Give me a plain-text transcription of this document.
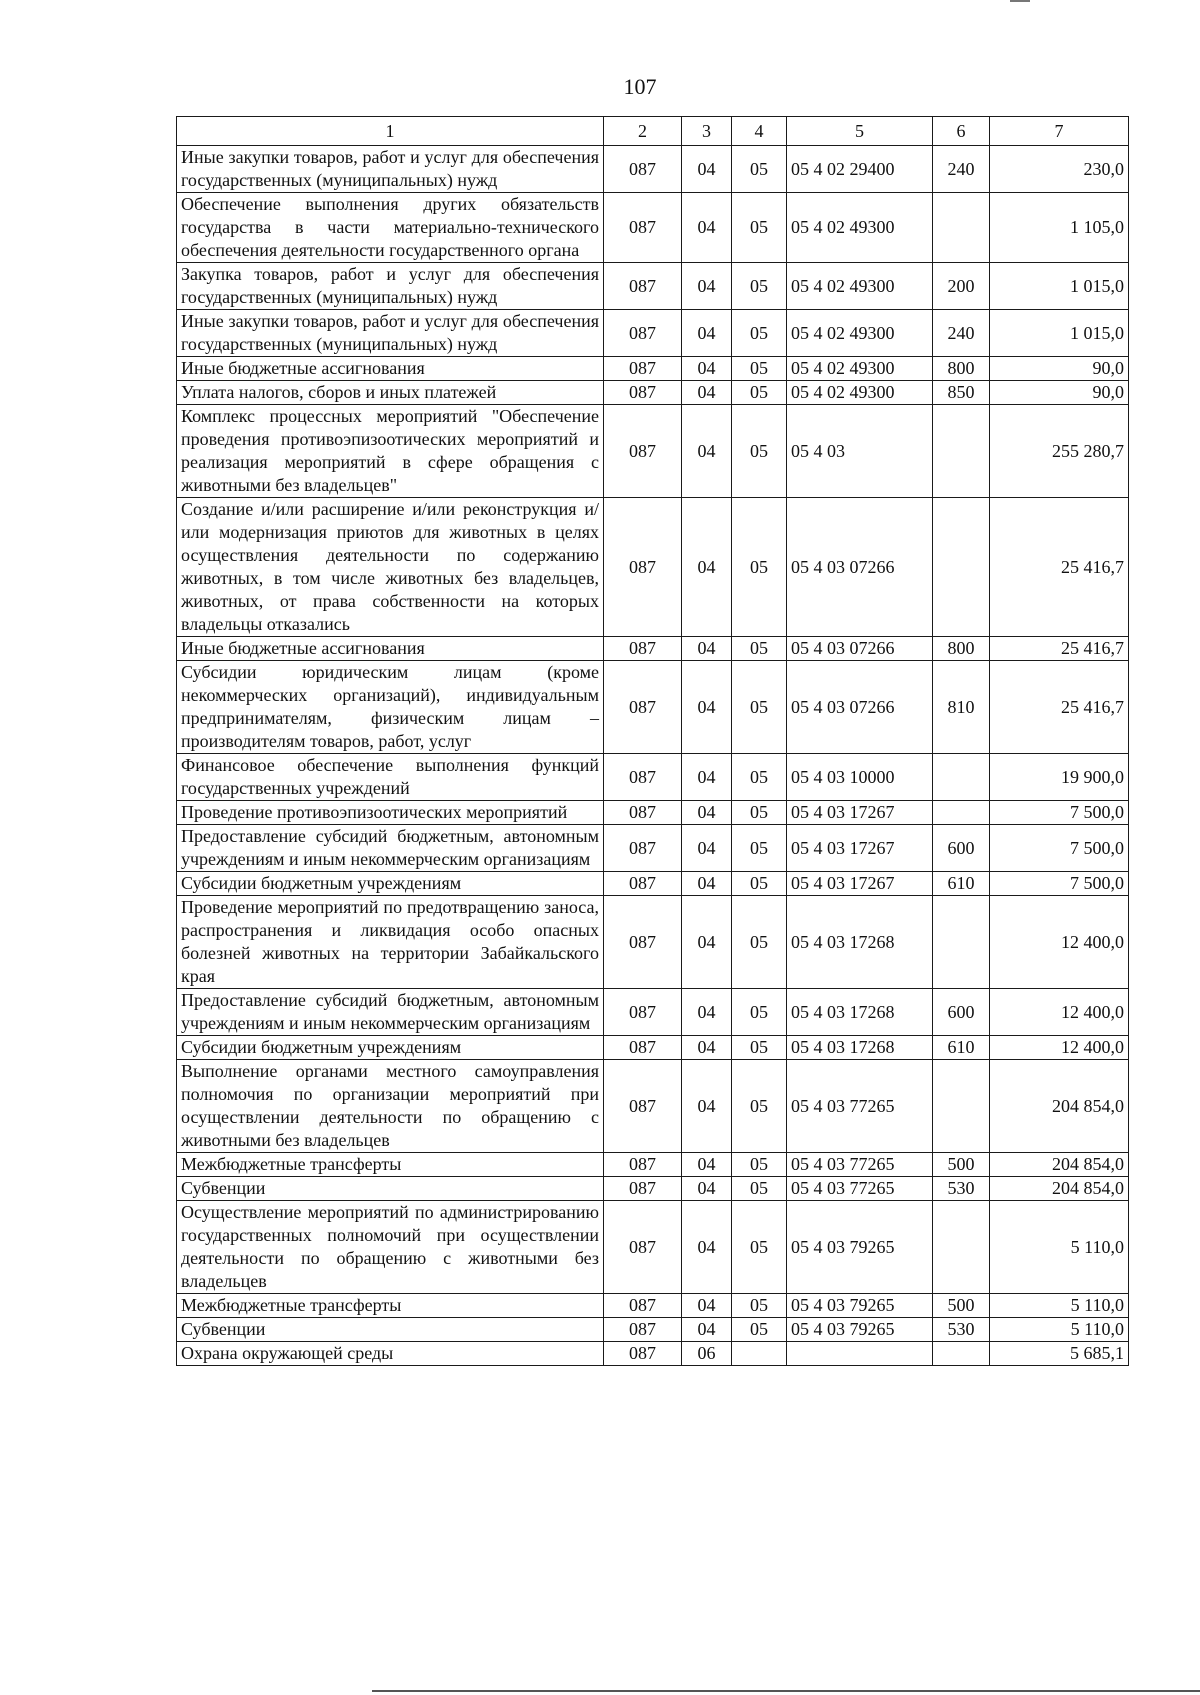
107
1	2	3	4	5	6	7
Иные закупки товаров, работ и услуг для обеспечения государственных (муниципальных) нужд	087	04	05	05 4 02 29400	240	230,0
Обеспечение выполнения других обязательств государства в части материально-технического обеспечения деятельности государственного органа	087	04	05	05 4 02 49300		1 105,0
Закупка товаров, работ и услуг для обеспечения государственных (муниципальных) нужд	087	04	05	05 4 02 49300	200	1 015,0
Иные закупки товаров, работ и услуг для обеспечения государственных (муниципальных) нужд	087	04	05	05 4 02 49300	240	1 015,0
Иные бюджетные ассигнования	087	04	05	05 4 02 49300	800	90,0
Уплата налогов, сборов и иных платежей	087	04	05	05 4 02 49300	850	90,0
Комплекс процессных мероприятий "Обеспечение проведения противоэпизоотических мероприятий и реализация мероприятий в сфере обращения с животными без владельцев"	087	04	05	05 4 03		255 280,7
Создание и/или расширение и/или реконструкция и/или модернизация приютов для животных в целях осуществления деятельности по содержанию животных, в том числе животных без владельцев, животных, от права собственности на которых владельцы отказались	087	04	05	05 4 03 07266		25 416,7
Иные бюджетные ассигнования	087	04	05	05 4 03 07266	800	25 416,7
Субсидии юридическим лицам (кроме некоммерческих организаций), индивидуальным предпринимателям, физическим лицам – производителям товаров, работ, услуг	087	04	05	05 4 03 07266	810	25 416,7
Финансовое обеспечение выполнения функций государственных учреждений	087	04	05	05 4 03 10000		19 900,0
Проведение противоэпизоотических мероприятий	087	04	05	05 4 03 17267		7 500,0
Предоставление субсидий бюджетным, автономным учреждениям и иным некоммерческим организациям	087	04	05	05 4 03 17267	600	7 500,0
Субсидии бюджетным учреждениям	087	04	05	05 4 03 17267	610	7 500,0
Проведение мероприятий по предотвращению заноса, распространения и ликвидация особо опасных болезней животных на территории Забайкальского края	087	04	05	05 4 03 17268		12 400,0
Предоставление субсидий бюджетным, автономным учреждениям и иным некоммерческим организациям	087	04	05	05 4 03 17268	600	12 400,0
Субсидии бюджетным учреждениям	087	04	05	05 4 03 17268	610	12 400,0
Выполнение органами местного самоуправления полномочия по организации мероприятий при осуществлении деятельности по обращению с животными без владельцев	087	04	05	05 4 03 77265		204 854,0
Межбюджетные трансферты	087	04	05	05 4 03 77265	500	204 854,0
Субвенции	087	04	05	05 4 03 77265	530	204 854,0
Осуществление мероприятий по администрированию государственных полномочий при осуществлении деятельности по обращению с животными без владельцев	087	04	05	05 4 03 79265		5 110,0
Межбюджетные трансферты	087	04	05	05 4 03 79265	500	5 110,0
Субвенции	087	04	05	05 4 03 79265	530	5 110,0
Охрана окружающей среды	087	06				5 685,1
